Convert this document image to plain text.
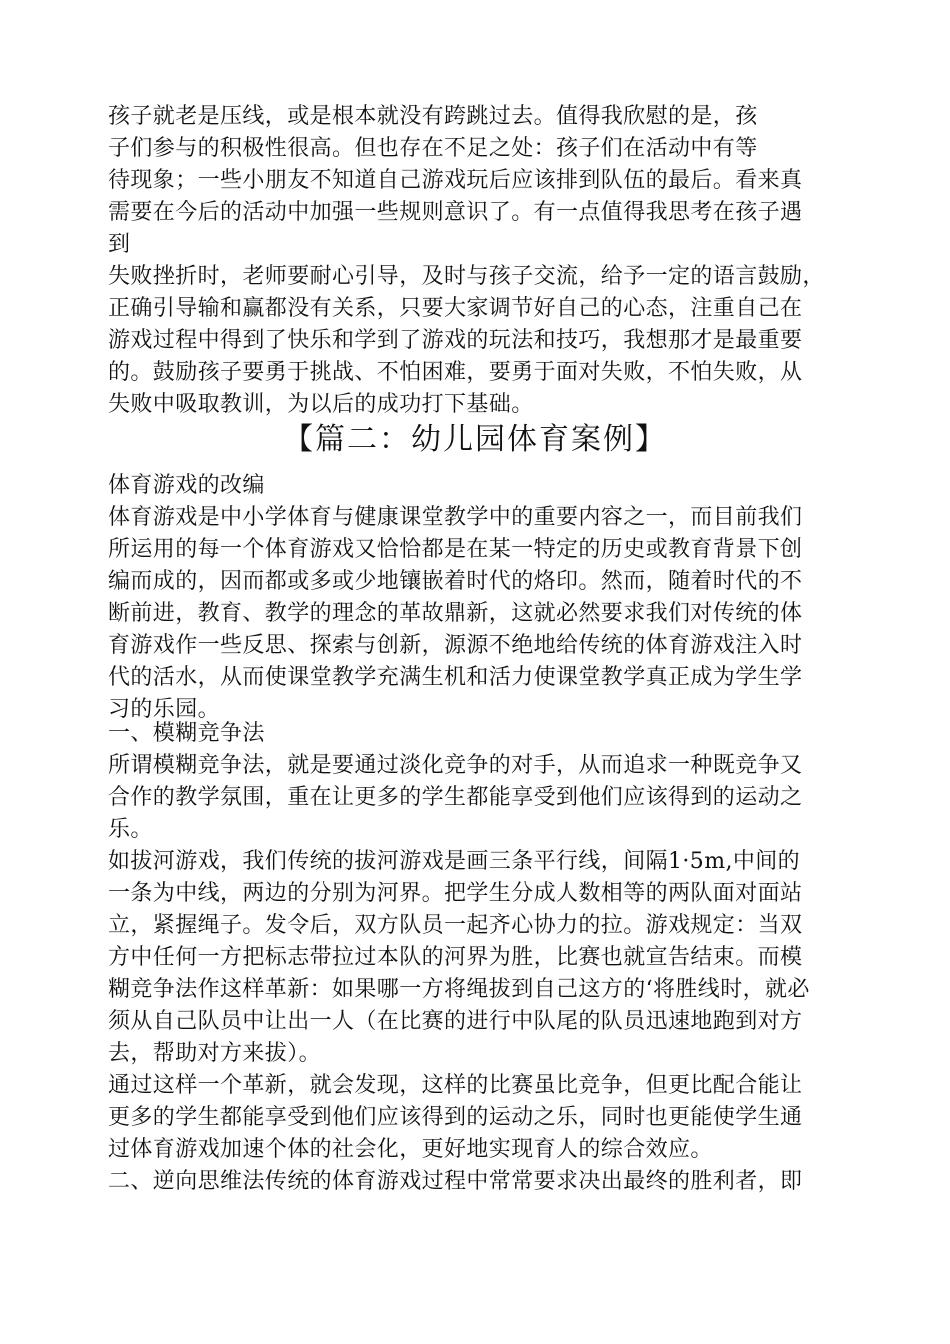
孩子就老是压线，或是根本就没有跨跳过去。值得我欣慰的是，孩
子们参与的积极性很高。但也存在不足之处：孩子们在活动中有等
待现象；一些小朋友不知道自己游戏玩后应该排到队伍的最后。看来真
需要在今后的活动中加强一些规则意识了。有一点值得我思考在孩子遇
到
失败挫折时，老师要耐心引导，及时与孩子交流，给予一定的语言鼓励，
正确引导输和赢都没有关系，只要大家调节好自己的心态，注重自己在
游戏过程中得到了快乐和学到了游戏的玩法和技巧，我想那才是最重要
的。鼓励孩子要勇于挑战、不怕困难，要勇于面对失败，不怕失败，从
失败中吸取教训，为以后的成功打下基础。
【篇二：幼儿园体育案例】
体育游戏的改编
体育游戏是中小学体育与健康课堂教学中的重要内容之一，而目前我们
所运用的每一个体育游戏又恰恰都是在某一特定的历史或教育背景下创
编而成的，因而都或多或少地镶嵌着时代的烙印。然而，随着时代的不
断前进，教育、教学的理念的革故鼎新，这就必然要求我们对传统的体
育游戏作一些反思、探索与创新，源源不绝地给传统的体育游戏注入时
代的活水，从而使课堂教学充满生机和活力使课堂教学真正成为学生学
习的乐园。
一、模糊竞争法
所谓模糊竞争法，就是要通过淡化竞争的对手，从而追求一种既竞争又
合作的教学氛围，重在让更多的学生都能享受到他们应该得到的运动之
乐。
如拔河游戏，我们传统的拔河游戏是画三条平行线，间隔1·5m,中间的
一条为中线，两边的分别为河界。把学生分成人数相等的两队面对面站
立，紧握绳子。发令后，双方队员一起齐心协力的拉。游戏规定：当双
方中任何一方把标志带拉过本队的河界为胜，比赛也就宣告结束。而模
糊竞争法作这样革新：如果哪一方将绳拔到自己这方的‘将胜线时，就必
须从自己队员中让出一人（在比赛的进行中队尾的队员迅速地跑到对方
去，帮助对方来拔）。
通过这样一个革新，就会发现，这样的比赛虽比竞争，但更比配合能让
更多的学生都能享受到他们应该得到的运动之乐，同时也更能使学生通
过体育游戏加速个体的社会化，更好地实现育人的综合效应。
二、逆向思维法传统的体育游戏过程中常常要求决出最终的胜利者，即
